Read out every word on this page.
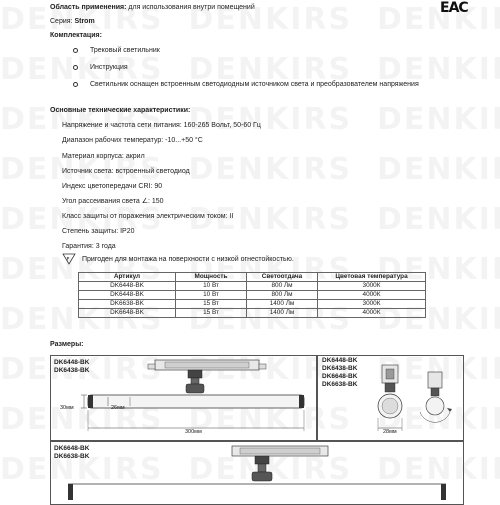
Область применения: для использования внутри помещений
Серия: Strom
EAC
Комплектация:
Трековый светильник
Инструкция
Светильник оснащен встроенным светодиодным источником света и преобразователем напряжения
Основные технические характеристики:
Напряжение и частота сети питания: 160-265 Вольт, 50-60 Гц
Диапазон рабочих температур: -10...+50 °С
Материал корпуса: акрил
Источник света: встроенный светодиод
Индекс цветопередачи CRI: 90
Угол рассеивания света ∠: 150
Класс защиты от поражения электрическим током: II
Степень защиты: IP20
Гарантия: 3 года
F Пригоден для монтажа на поверхности с низкой огнестойкостью.
Артикул	Мощность	Светоотдача	Цветовая температура
DK6448-BK	10 Вт	800 Лм	3000К
DK6448-BK	10 Вт	800 Лм	4000К
DK6638-BK	15 Вт	1400 Лм	3000К
DK6648-BK	15 Вт	1400 Лм	4000К
Размеры:
DK6448-BK
DK6438-BK
DK6448-BK
DK6438-BK
DK6648-BK
DK6638-BK
DK6648-BK
DK6638-BK
30мм	26мм
300мм	28мм
